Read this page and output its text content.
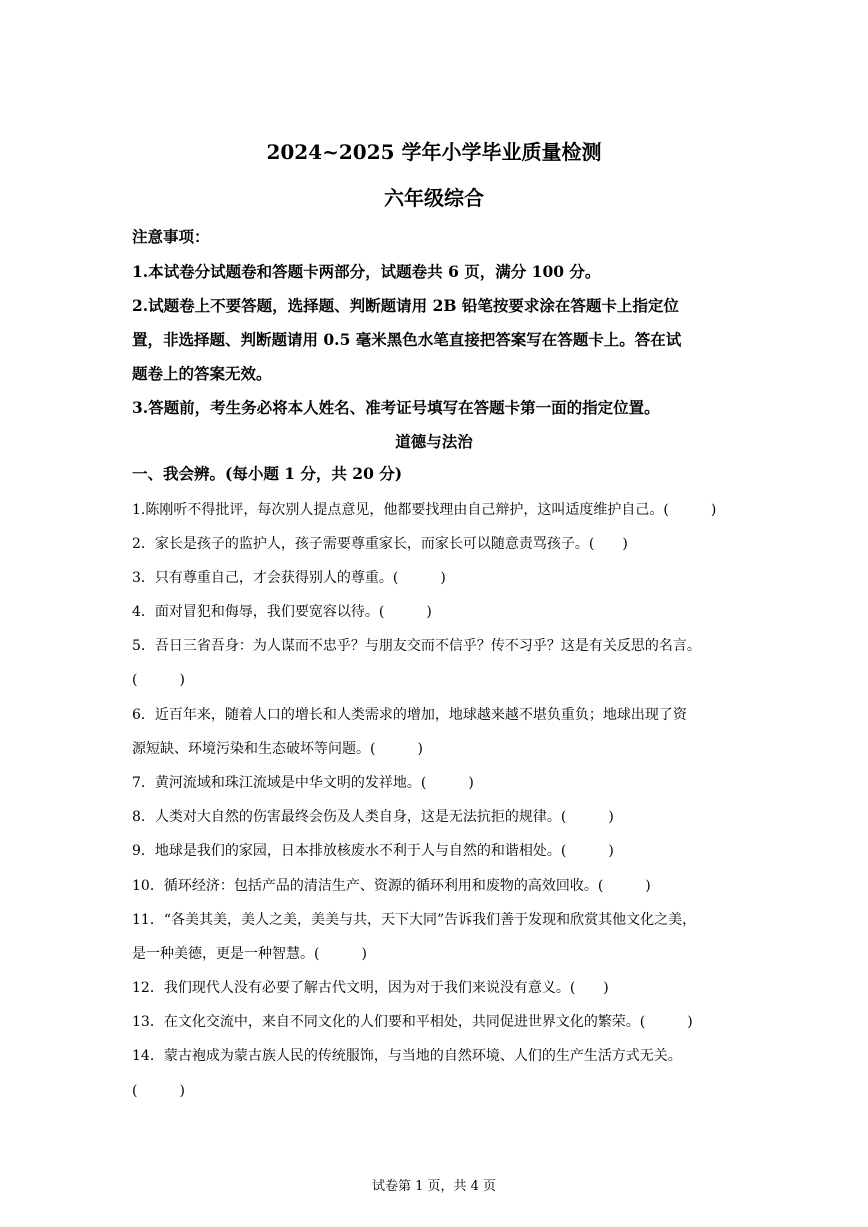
2024~2025 学年小学毕业质量检测
六年级综合
注意事项：
1.本试卷分试题卷和答题卡两部分，试题卷共 6 页，满分 100 分。
2.试题卷上不要答题，选择题、判断题请用 2B 铅笔按要求涂在答题卡上指定位
置，非选择题、判断题请用 0.5 毫米黑色水笔直接把答案写在答题卡上。答在试
题卷上的答案无效。
3.答题前，考生务必将本人姓名、准考证号填写在答题卡第一面的指定位置。
道德与法治
一、我会辨。(每小题 1 分，共 20 分)
1.陈刚听不得批评，每次别人提点意见，他都要找理由自己辩护，这叫适度维护自己。(　　　)
2．家长是孩子的监护人，孩子需要尊重家长，而家长可以随意责骂孩子。(　　)
3．只有尊重自己，才会获得别人的尊重。(　　　)
4．面对冒犯和侮辱，我们要宽容以待。(　　　)
5．吾日三省吾身：为人谋而不忠乎？与朋友交而不信乎？传不习乎？这是有关反思的名言。
(　　　)
6．近百年来，随着人口的增长和人类需求的增加，地球越来越不堪负重负；地球出现了资
源短缺、环境污染和生态破坏等问题。(　　　)
7．黄河流域和珠江流域是中华文明的发祥地。(　　　)
8．人类对大自然的伤害最终会伤及人类自身，这是无法抗拒的规律。(　　　)
9．地球是我们的家园，日本排放核废水不利于人与自然的和谐相处。(　　　)
10．循环经济：包括产品的清洁生产、资源的循环利用和废物的高效回收。(　　　)
11．“各美其美，美人之美，美美与共，天下大同”告诉我们善于发现和欣赏其他文化之美，
是一种美德，更是一种智慧。(　　　)
12．我们现代人没有必要了解古代文明，因为对于我们来说没有意义。(　　)
13．在文化交流中，来自不同文化的人们要和平相处，共同促进世界文化的繁荣。(　　　)
14．蒙古袍成为蒙古族人民的传统服饰，与当地的自然环境、人们的生产生活方式无关。
(　　　)
试卷第 1 页，共 4 页
